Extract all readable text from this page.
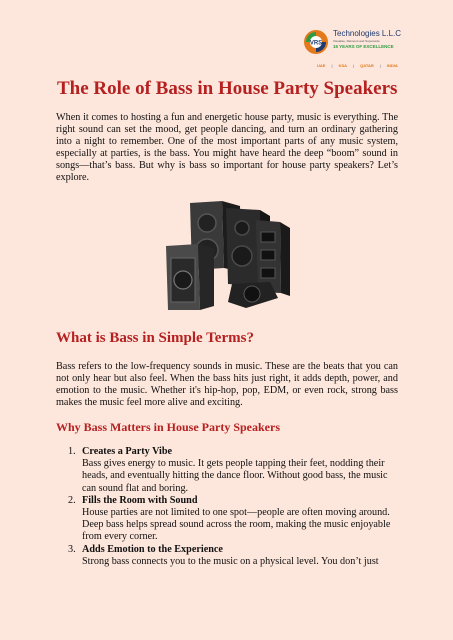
VRS
Technologies L.L.C
Visualise, Reinvent and Supersede
15 YEARS OF EXCELLENCE
UAE | KSA | QATAR | INDIA
The Role of Bass in House Party Speakers

When it comes to hosting a fun and energetic house party, music is everything. The right sound can set the mood, get people dancing, and turn an ordinary gathering into a night to remember. One of the most important parts of any music system, especially at parties, is the bass. You might have heard the deep “boom” sound in songs—that’s bass. But why is bass so important for house party speakers? Let’s explore.

What is Bass in Simple Terms?

Bass refers to the low-frequency sounds in music. These are the beats that you can not only hear but also feel. When the bass hits just right, it adds depth, power, and emotion to the music. Whether it's hip-hop, pop, EDM, or even rock, strong bass makes the music feel more alive and exciting.

Why Bass Matters in House Party Speakers
1. Creates a Party Vibe
Bass gives energy to music. It gets people tapping their feet, nodding their heads, and eventually hitting the dance floor. Without good bass, the music can sound flat and boring.
2. Fills the Room with Sound
House parties are not limited to one spot—people are often moving around. Deep bass helps spread sound across the room, making the music enjoyable from every corner.
3. Adds Emotion to the Experience
Strong bass connects you to the music on a physical level. You don’t just
